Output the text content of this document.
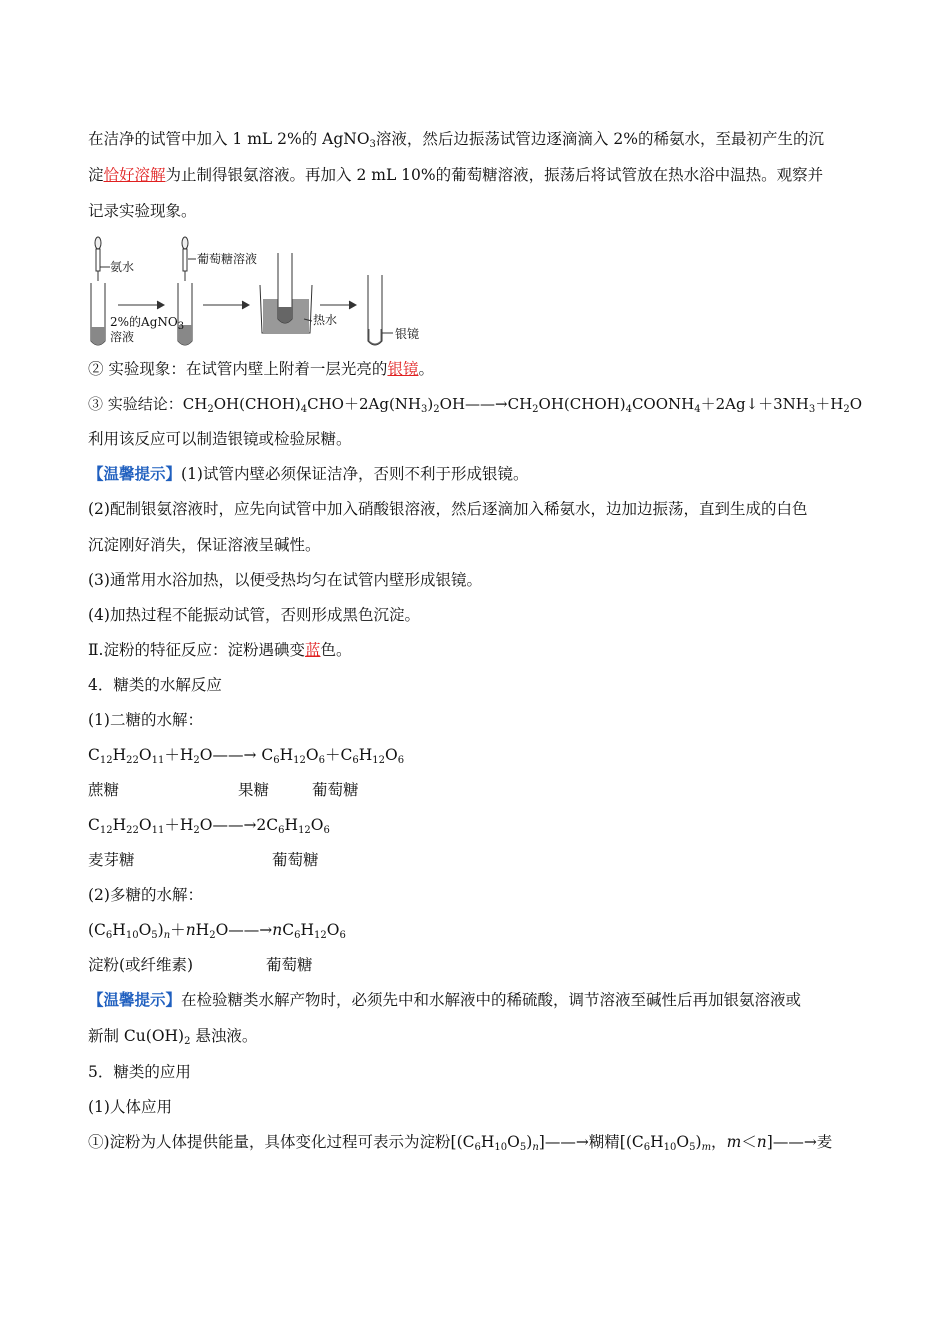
在洁净的试管中加入 1 mL 2%的 AgNO$_3$溶液，然后边振荡试管边逐滴滴入 2%的稀氨水，至最初产生的沉

淀恰好溶解为止制得银氨溶液。再加入 2 mL 10%的葡萄糖溶液，振荡后将试管放在热水浴中温热。观察并

记录实验现象。

氨水
2%的AgNO$_3$
溶液
葡萄糖溶液
热水
银镜

② 实验现象：在试管内壁上附着一层光亮的银镜。

③ 实验结论：$CH_2OH(CHOH)_4CHO+2Ag(NH_3)_2OH——\to CH_2OH(CHOH)_4COONH_4+2Ag↓+3NH_3+H_2O$

利用该反应可以制造银镜或检验尿糖。

【温馨提示】(1)试管内壁必须保证洁净，否则不利于形成银镜。

(2)配制银氨溶液时，应先向试管中加入硝酸银溶液，然后逐滴加入稀氨水，边加边振荡，直到生成的白色

沉淀刚好消失，保证溶液呈碱性。

(3)通常用水浴加热，以便受热均匀在试管内壁形成银镜。

(4)加热过程不能振动试管，否则形成黑色沉淀。

Ⅱ.淀粉的特征反应：淀粉遇碘变蓝色。

4．糖类的水解反应

(1)二糖的水解：

$C_{12}H_{22}O_{11}+H_2O——\to C_6H_{12}O_6+C_6H_{12}O_6$

蔗糖	果糖	葡萄糖

$C_{12}H_{22}O_{11}+H_2O——\to 2C_6H_{12}O_6$

麦芽糖	葡萄糖

(2)多糖的水解：

$(C_6H_{10}O_5)_n+nH_2O——\to nC_6H_{12}O_6$

淀粉(或纤维素)	葡萄糖

【温馨提示】在检验糖类水解产物时，必须先中和水解液中的稀硫酸，调节溶液至碱性后再加银氨溶液或

新制 $Cu(OH)_2$ 悬浊液。

5．糖类的应用

(1)人体应用

①)淀粉为人体提供能量，具体变化过程可表示为淀粉$[(C_6H_{10}O_5)_n]——\to$糊精[$(C_6H_{10}O_5)_m$，m＜n]——→麦
